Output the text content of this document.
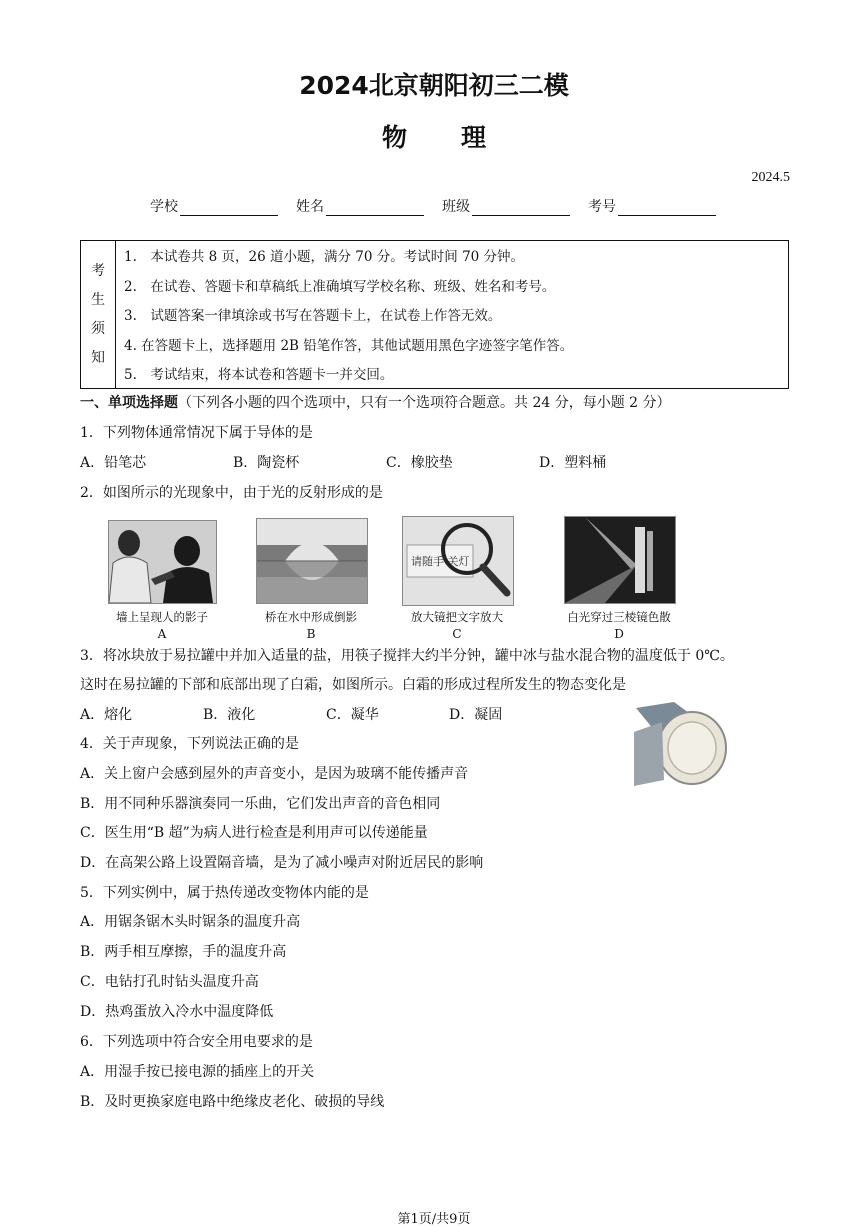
2024北京朝阳初三二模
物理
2024.5
学校	姓名	班级	考号
考
生
须
知
1.　本试卷共 8 页，26 道小题，满分 70 分。考试时间 70 分钟。
2.　在试卷、答题卡和草稿纸上准确填写学校名称、班级、姓名和考号。
3.　试题答案一律填涂或书写在答题卡上，在试卷上作答无效。
4. 在答题卡上，选择题用 2B 铅笔作答，其他试题用黑色字迹签字笔作答。
5.　考试结束，将本试卷和答题卡一并交回。
一、单项选择题（下列各小题的四个选项中，只有一个选项符合题意。共 24 分，每小题 2 分）
1．下列物体通常情况下属于导体的是
A．铅笔芯	B．陶瓷杯	C．橡胶垫	D．塑料桶
2．如图所示的光现象中，由于光的反射形成的是
墙上呈现人的影子
A
桥在水中形成倒影
B
请随手 关灯
放大镜把文字放大
C
白光穿过三棱镜色散
D
3．将冰块放于易拉罐中并加入适量的盐，用筷子搅拌大约半分钟，罐中冰与盐水混合物的温度低于 0℃。
这时在易拉罐的下部和底部出现了白霜，如图所示。白霜的形成过程所发生的物态变化是
A．熔化	B．液化	C．凝华	D．凝固
4．关于声现象，下列说法正确的是
A．关上窗户会感到屋外的声音变小，是因为玻璃不能传播声音
B．用不同种乐器演奏同一乐曲，它们发出声音的音色相同
C．医生用“B 超”为病人进行检查是利用声可以传递能量
D．在高架公路上设置隔音墙，是为了减小噪声对附近居民的影响
5．下列实例中，属于热传递改变物体内能的是
A．用锯条锯木头时锯条的温度升高
B．两手相互摩擦，手的温度升高
C．电钻打孔时钻头温度升高
D．热鸡蛋放入冷水中温度降低
6．下列选项中符合安全用电要求的是
A．用湿手按已接电源的插座上的开关
B．及时更换家庭电路中绝缘皮老化、破损的导线
第1页/共9页
